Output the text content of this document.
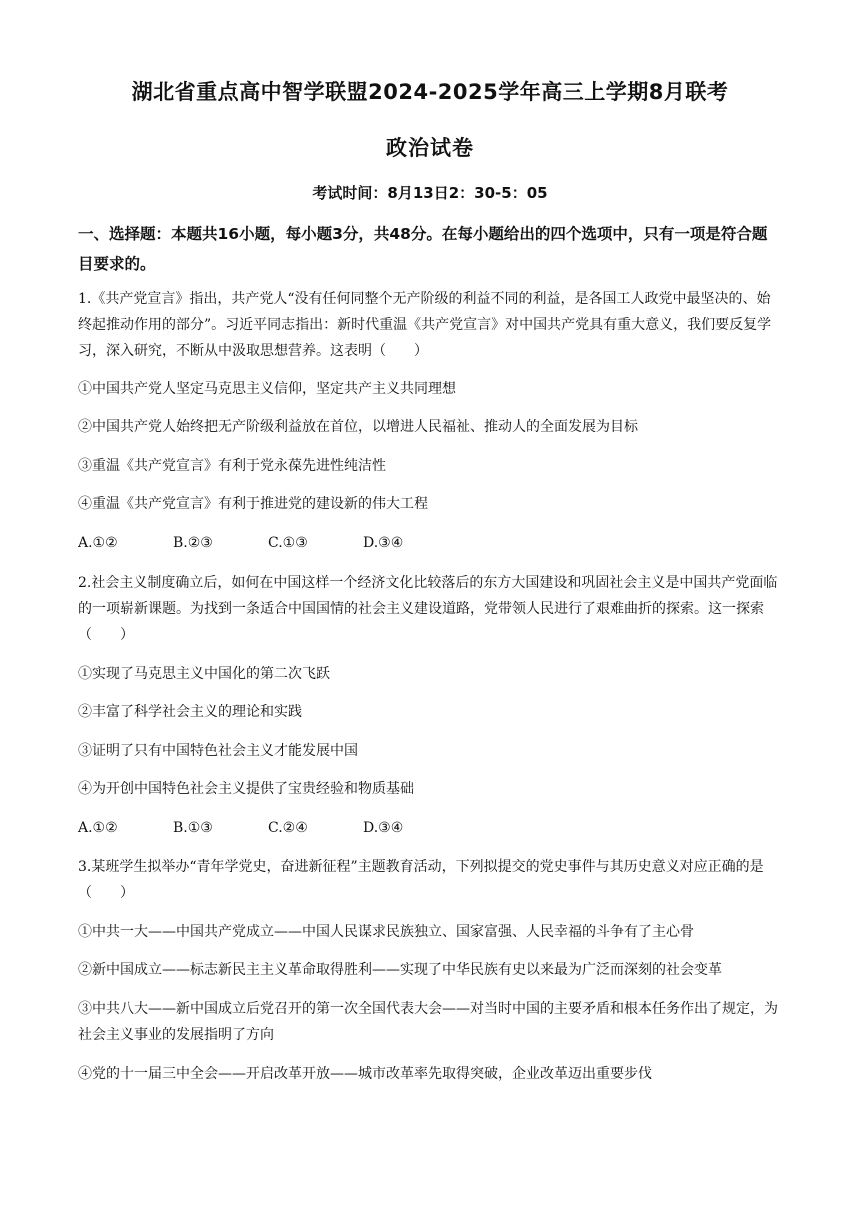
湖北省重点高中智学联盟2024-2025学年高三上学期8月联考
政治试卷
考试时间：8月13日2：30-5：05
一、选择题：本题共16小题，每小题3分，共48分。在每小题给出的四个选项中，只有一项是符合题目要求的。
1.《共产党宣言》指出，共产党人“没有任何同整个无产阶级的利益不同的利益，是各国工人政党中最坚决的、始终起推动作用的部分”。习近平同志指出：新时代重温《共产党宣言》对中国共产党具有重大意义，我们要反复学习，深入研究，不断从中汲取思想营养。这表明（　　）
①中国共产党人坚定马克思主义信仰，坚定共产主义共同理想
②中国共产党人始终把无产阶级利益放在首位，以增进人民福祉、推动人的全面发展为目标
③重温《共产党宣言》有利于党永葆先进性纯洁性
④重温《共产党宣言》有利于推进党的建设新的伟大工程
A.①②	B.②③	C.①③	D.③④
2.社会主义制度确立后，如何在中国这样一个经济文化比较落后的东方大国建设和巩固社会主义是中国共产党面临的一项崭新课题。为找到一条适合中国国情的社会主义建设道路，党带领人民进行了艰难曲折的探索。这一探索（　　）
①实现了马克思主义中国化的第二次飞跃
②丰富了科学社会主义的理论和实践
③证明了只有中国特色社会主义才能发展中国
④为开创中国特色社会主义提供了宝贵经验和物质基础
A.①②	B.①③	C.②④	D.③④
3.某班学生拟举办“青年学党史，奋进新征程”主题教育活动，下列拟提交的党史事件与其历史意义对应正确的是（　　）
①中共一大——中国共产党成立——中国人民谋求民族独立、国家富强、人民幸福的斗争有了主心骨
②新中国成立——标志新民主主义革命取得胜利——实现了中华民族有史以来最为广泛而深刻的社会变革
③中共八大——新中国成立后党召开的第一次全国代表大会——对当时中国的主要矛盾和根本任务作出了规定，为社会主义事业的发展指明了方向
④党的十一届三中全会——开启改革开放——城市改革率先取得突破，企业改革迈出重要步伐
